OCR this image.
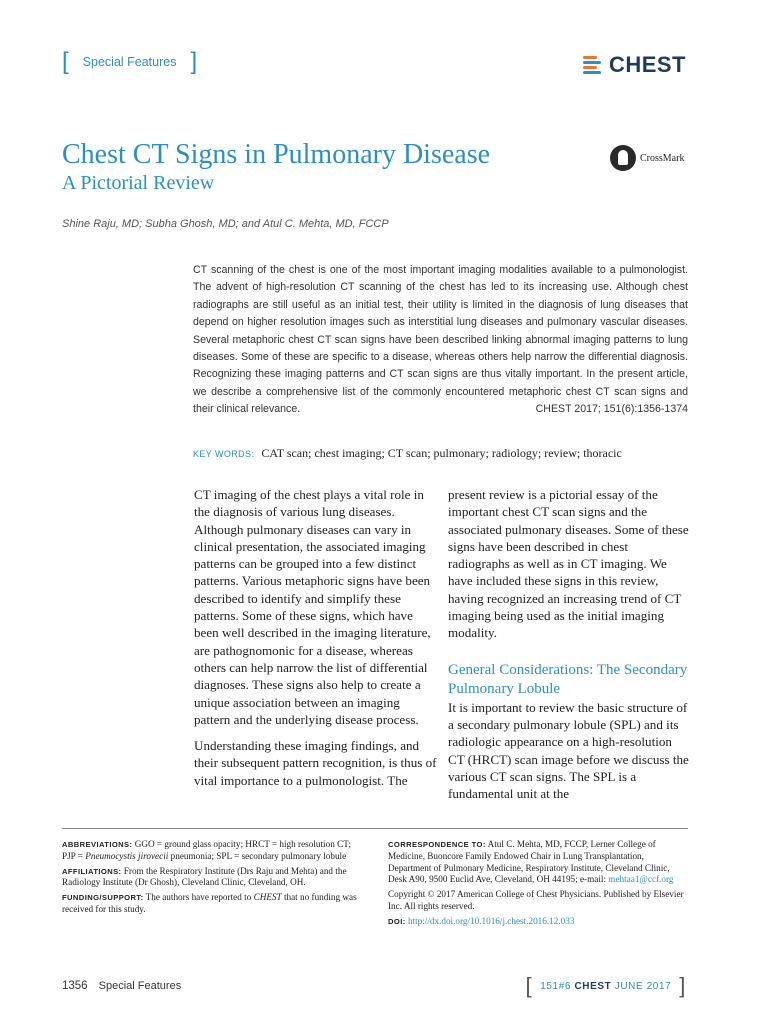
[ Special Features ]	CHEST
Chest CT Signs in Pulmonary Disease
A Pictorial Review
CrossMark
Shine Raju, MD; Subha Ghosh, MD; and Atul C. Mehta, MD, FCCP
CT scanning of the chest is one of the most important imaging modalities available to a pulmonologist. The advent of high-resolution CT scanning of the chest has led to its increasing use. Although chest radiographs are still useful as an initial test, their utility is limited in the diagnosis of lung diseases that depend on higher resolution images such as interstitial lung diseases and pulmonary vascular diseases. Several metaphoric chest CT scan signs have been described linking abnormal imaging patterns to lung diseases. Some of these are specific to a disease, whereas others help narrow the differential diagnosis. Recognizing these imaging patterns and CT scan signs are thus vitally important. In the present article, we describe a comprehensive list of the commonly encountered metaphoric chest CT scan signs and their clinical relevance.	CHEST 2017; 151(6):1356-1374
KEY WORDS: CAT scan; chest imaging; CT scan; pulmonary; radiology; review; thoracic

CT imaging of the chest plays a vital role in the diagnosis of various lung diseases. Although pulmonary diseases can vary in clinical presentation, the associated imaging patterns can be grouped into a few distinct patterns. Various metaphoric signs have been described to identify and simplify these patterns. Some of these signs, which have been well described in the imaging literature, are pathognomonic for a disease, whereas others can help narrow the list of differential diagnoses. These signs also help to create a unique association between an imaging pattern and the underlying disease process.

Understanding these imaging findings, and their subsequent pattern recognition, is thus of vital importance to a pulmonologist. The

present review is a pictorial essay of the important chest CT scan signs and the associated pulmonary diseases. Some of these signs have been described in chest radiographs as well as in CT imaging. We have included these signs in this review, having recognized an increasing trend of CT imaging being used as the initial imaging modality.

General Considerations: The Secondary Pulmonary Lobule

It is important to review the basic structure of a secondary pulmonary lobule (SPL) and its radiologic appearance on a high-resolution CT (HRCT) scan image before we discuss the various CT scan signs. The SPL is a fundamental unit at the

ABBREVIATIONS: GGO = ground glass opacity; HRCT = high resolution CT; PJP = Pneumocystis jirovecii pneumonia; SPL = secondary pulmonary lobule

AFFILIATIONS: From the Respiratory Institute (Drs Raju and Mehta) and the Radiology Institute (Dr Ghosh), Cleveland Clinic, Cleveland, OH.

FUNDING/SUPPORT: The authors have reported to CHEST that no funding was received for this study.

CORRESPONDENCE TO: Atul C. Mehta, MD, FCCP, Lerner College of Medicine, Buoncore Family Endowed Chair in Lung Transplantation, Department of Pulmonary Medicine, Respiratory Institute, Cleveland Clinic, Desk A90, 9500 Euclid Ave, Cleveland, OH 44195; e-mail: mehtaa1@ccf.org

Copyright © 2017 American College of Chest Physicians. Published by Elsevier Inc. All rights reserved.

DOI: http://dx.doi.org/10.1016/j.chest.2016.12.033

1356 Special Features	[ 151#6 CHEST JUNE 2017 ]
